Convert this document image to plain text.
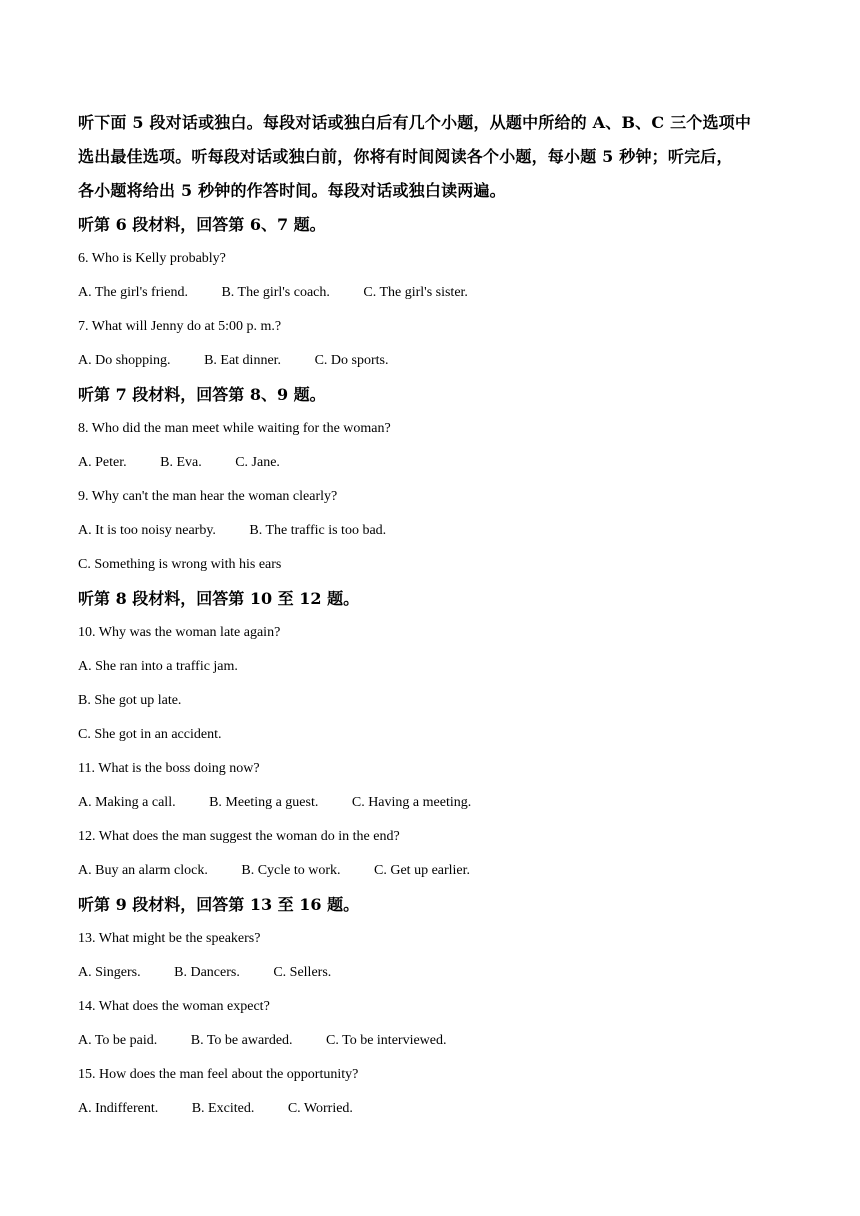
听下面 5 段对话或独白。每段对话或独白后有几个小题，从题中所给的 A、B、C 三个选项中
选出最佳选项。听每段对话或独白前，你将有时间阅读各个小题，每小题 5 秒钟；听完后，
各小题将给出 5 秒钟的作答时间。每段对话或独白读两遍。
听第 6 段材料，回答第 6、7 题。
6. Who is Kelly probably?
A. The girl's friend. B. The girl's coach. C. The girl's sister.
7. What will Jenny do at 5:00 p. m.?
A. Do shopping. B. Eat dinner. C. Do sports.
听第 7 段材料，回答第 8、9 题。
8. Who did the man meet while waiting for the woman?
A. Peter. B. Eva. C. Jane.
9. Why can't the man hear the woman clearly?
A. It is too noisy nearby. B. The traffic is too bad.
C. Something is wrong with his ears
听第 8 段材料，回答第 10 至 12 题。
10. Why was the woman late again?
A. She ran into a traffic jam.
B. She got up late.
C. She got in an accident.
11. What is the boss doing now?
A. Making a call. B. Meeting a guest. C. Having a meeting.
12. What does the man suggest the woman do in the end?
A. Buy an alarm clock. B. Cycle to work. C. Get up earlier.
听第 9 段材料，回答第 13 至 16 题。
13. What might be the speakers?
A. Singers. B. Dancers. C. Sellers.
14. What does the woman expect?
A. To be paid. B. To be awarded. C. To be interviewed.
15. How does the man feel about the opportunity?
A. Indifferent. B. Excited. C. Worried.
